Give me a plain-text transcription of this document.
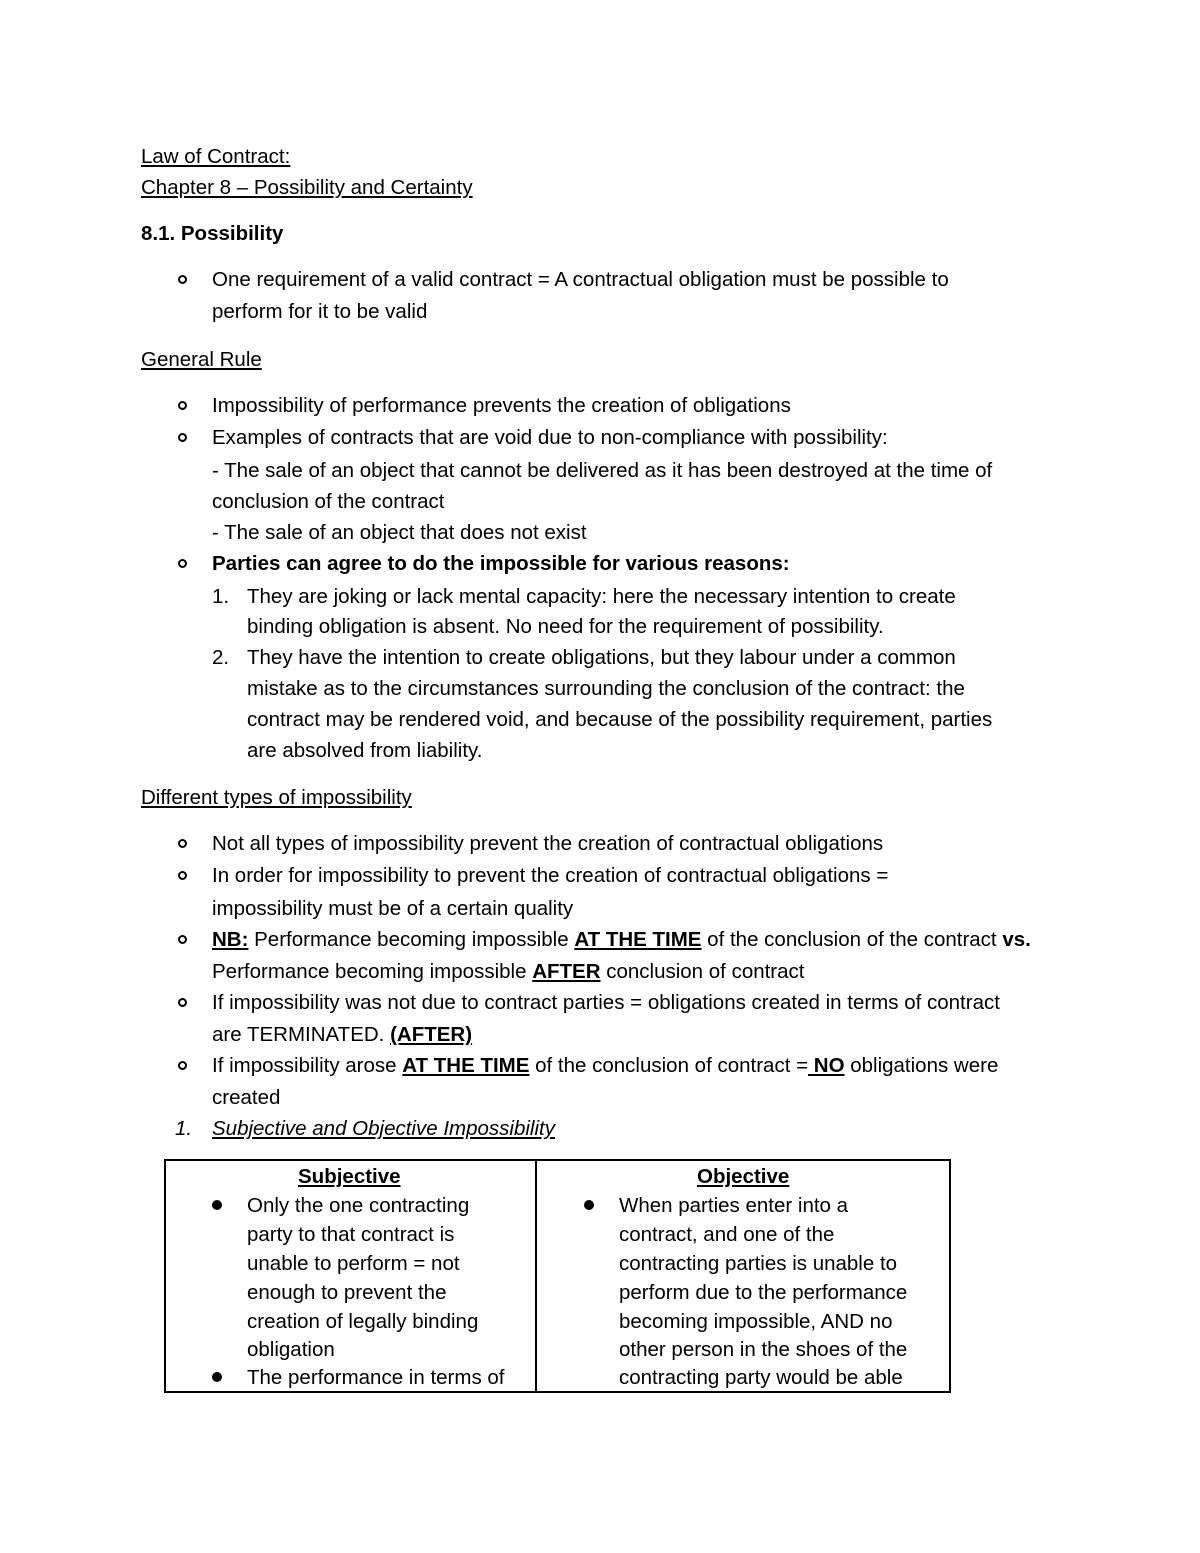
Law of Contract:
Chapter 8 – Possibility and Certainty
8.1. Possibility
One requirement of a valid contract = A contractual obligation must be possible to
perform for it to be valid
General Rule
Impossibility of performance prevents the creation of obligations
Examples of contracts that are void due to non-compliance with possibility:
- The sale of an object that cannot be delivered as it has been destroyed at the time of
conclusion of the contract
- The sale of an object that does not exist
Parties can agree to do the impossible for various reasons:
1. They are joking or lack mental capacity: here the necessary intention to create
binding obligation is absent. No need for the requirement of possibility.
2. They have the intention to create obligations, but they labour under a common
mistake as to the circumstances surrounding the conclusion of the contract: the
contract may be rendered void, and because of the possibility requirement, parties
are absolved from liability.
Different types of impossibility
Not all types of impossibility prevent the creation of contractual obligations
In order for impossibility to prevent the creation of contractual obligations =
impossibility must be of a certain quality
NB: Performance becoming impossible AT THE TIME of the conclusion of the contract vs.
Performance becoming impossible AFTER conclusion of contract
If impossibility was not due to contract parties = obligations created in terms of contract
are TERMINATED. (AFTER)
If impossibility arose AT THE TIME of the conclusion of contract = NO obligations were
created
1. Subjective and Objective Impossibility
Subjective	Objective
Only the one contracting
party to that contract is
unable to perform = not
enough to prevent the
creation of legally binding
obligation
The performance in terms of
When parties enter into a
contract, and one of the
contracting parties is unable to
perform due to the performance
becoming impossible, AND no
other person in the shoes of the
contracting party would be able
